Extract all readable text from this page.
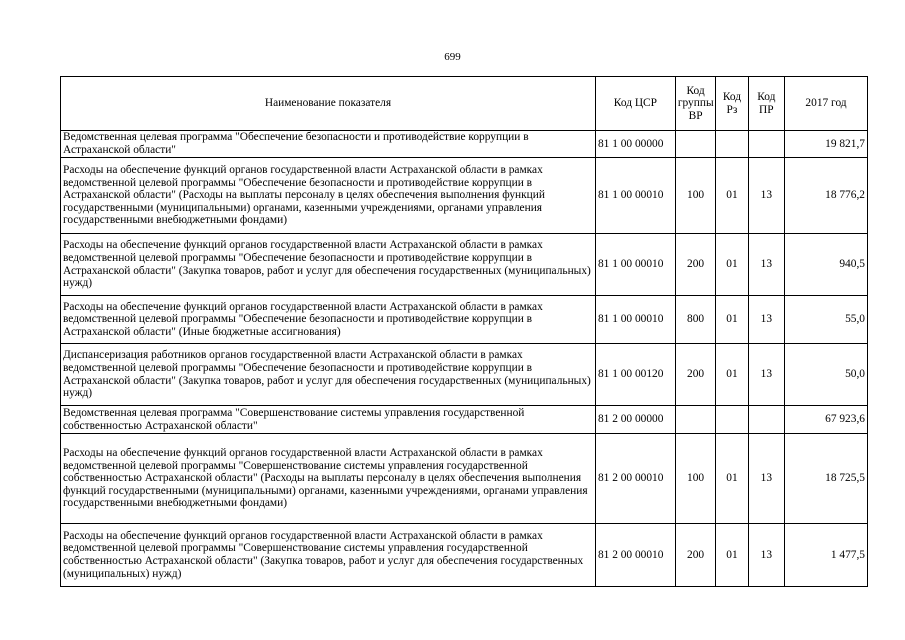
699
Наименование показателя	Код ЦСР	Код группы ВР	Код Рз	Код ПР	2017 год
Ведомственная целевая программа "Обеспечение безопасности и противодействие коррупции в Астраханской области"	81 1 00 00000				19 821,7
Расходы на обеспечение функций органов государственной власти Астраханской области в рамках ведомственной целевой программы "Обеспечение безопасности и противодействие коррупции в Астраханской области" (Расходы на выплаты персоналу в целях обеспечения выполнения функций государственными (муниципальными) органами, казенными учреждениями, органами управления государственными внебюджетными фондами)	81 1 00 00010	100	01	13	18 776,2
Расходы на обеспечение функций органов государственной власти Астраханской области в рамках ведомственной целевой программы "Обеспечение безопасности и противодействие коррупции в Астраханской области" (Закупка товаров, работ и услуг для обеспечения государственных (муниципальных) нужд)	81 1 00 00010	200	01	13	940,5
Расходы на обеспечение функций органов государственной власти Астраханской области в рамках ведомственной целевой программы "Обеспечение безопасности и противодействие коррупции в Астраханской области" (Иные бюджетные ассигнования)	81 1 00 00010	800	01	13	55,0
Диспансеризация работников органов государственной власти Астраханской области в рамках ведомственной целевой программы "Обеспечение безопасности и противодействие коррупции в Астраханской области" (Закупка товаров, работ и услуг для обеспечения государственных (муниципальных) нужд)	81 1 00 00120	200	01	13	50,0
Ведомственная целевая программа "Совершенствование системы управления государственной собственностью Астраханской области"	81 2 00 00000				67 923,6
Расходы на обеспечение функций органов государственной власти Астраханской области в рамках ведомственной целевой программы "Совершенствование системы управления государственной собственностью Астраханской области" (Расходы на выплаты персоналу в целях обеспечения выполнения функций государственными (муниципальными) органами, казенными учреждениями, органами управления государственными внебюджетными фондами)	81 2 00 00010	100	01	13	18 725,5
Расходы на обеспечение функций органов государственной власти Астраханской области в рамках ведомственной целевой программы "Совершенствование системы управления государственной собственностью Астраханской области" (Закупка товаров, работ и услуг для обеспечения государственных (муниципальных) нужд)	81 2 00 00010	200	01	13	1 477,5
